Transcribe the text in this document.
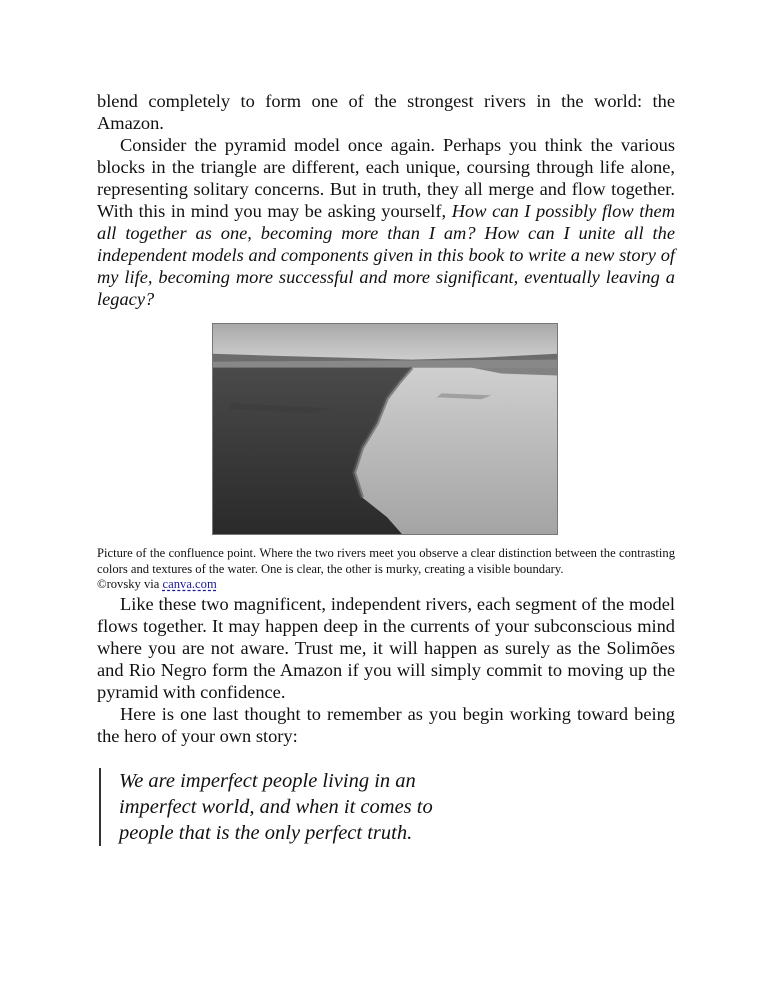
blend completely to form one of the strongest rivers in the world: the Amazon.

Consider the pyramid model once again. Perhaps you think the various blocks in the triangle are different, each unique, coursing through life alone, representing solitary concerns. But in truth, they all merge and flow together. With this in mind you may be asking yourself, How can I possibly flow them all together as one, becoming more than I am? How can I unite all the independent models and components given in this book to write a new story of my life, becoming more successful and more significant, eventually leaving a legacy?

Picture of the confluence point. Where the two rivers meet you observe a clear distinction between the contrasting colors and textures of the water. One is clear, the other is murky, creating a visible boundary.
©rovsky via canva.com

Like these two magnificent, independent rivers, each segment of the model flows together. It may happen deep in the currents of your subconscious mind where you are not aware. Trust me, it will happen as surely as the Solimões and Rio Negro form the Amazon if you will simply commit to moving up the pyramid with confidence.

Here is one last thought to remember as you begin working toward being the hero of your own story:

We are imperfect people living in an
imperfect world, and when it comes to
people that is the only perfect truth.
